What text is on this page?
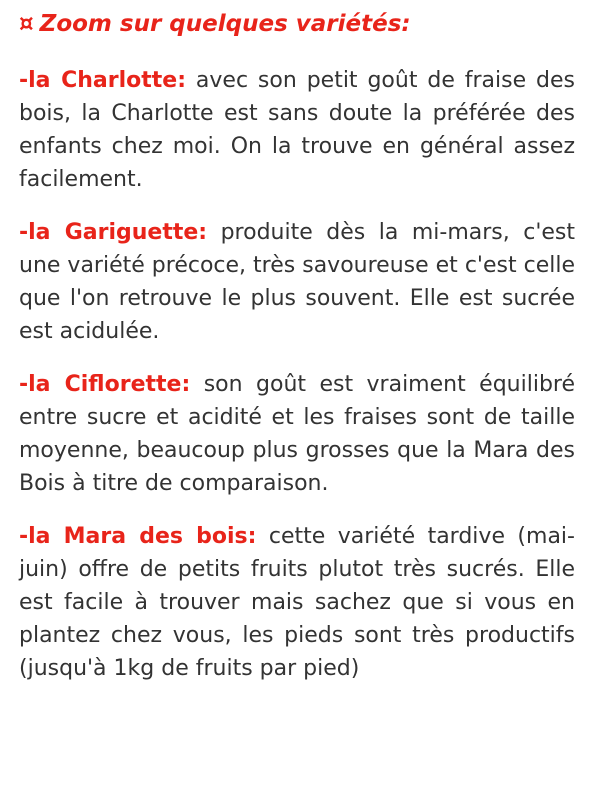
¤ Zoom sur quelques variétés:

-la Charlotte: avec son petit goût de fraise des bois, la Charlotte est sans doute la préférée des enfants chez moi. On la trouve en général assez facilement.

-la Gariguette: produite dès la mi-mars, c'est une variété précoce, très savoureuse et c'est celle que l'on retrouve le plus souvent. Elle est sucrée est acidulée.

-la Ciflorette: son goût est vraiment équilibré entre sucre et acidité et les fraises sont de taille moyenne, beaucoup plus grosses que la Mara des Bois à titre de comparaison.

-la Mara des bois: cette variété tardive (mai-juin) offre de petits fruits plutot très sucrés. Elle est facile à trouver mais sachez que si vous en plantez chez vous, les pieds sont très productifs (jusqu'à 1kg de fruits par pied)
